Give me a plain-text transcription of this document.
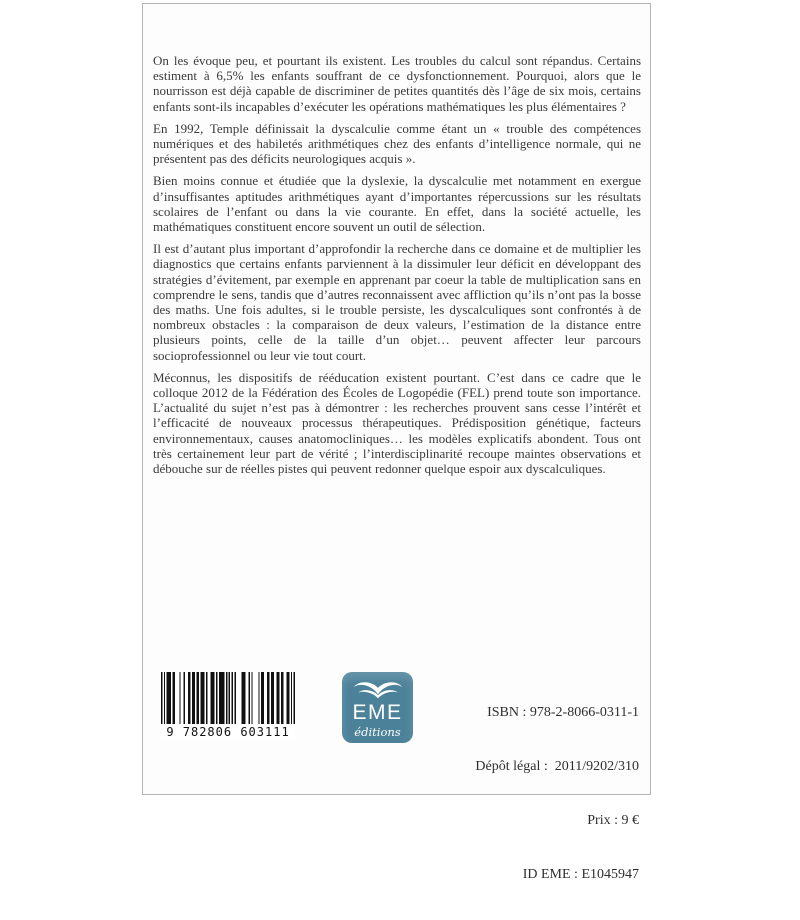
On les évoque peu, et pourtant ils existent. Les troubles du calcul sont répandus. Certains estiment à 6,5% les enfants souffrant de ce dysfonctionnement. Pourquoi, alors que le nourrisson est déjà capable de discriminer de petites quantités dès l’âge de six mois, certains enfants sont-ils incapables d’exécuter les opérations mathématiques les plus élémentaires ?

En 1992, Temple définissait la dyscalculie comme étant un « trouble des compétences numériques et des habiletés arithmétiques chez des enfants d’intelligence normale, qui ne présentent pas des déficits neurologiques acquis ».

Bien moins connue et étudiée que la dyslexie, la dyscalculie met notamment en exergue d’insuffisantes aptitudes arithmétiques ayant d’importantes répercussions sur les résultats scolaires de l’enfant ou dans la vie courante. En effet, dans la société actuelle, les mathématiques constituent encore souvent un outil de sélection.

Il est d’autant plus important d’approfondir la recherche dans ce domaine et de multiplier les diagnostics que certains enfants parviennent à la dissimuler leur déficit en développant des stratégies d’évitement, par exemple en apprenant par coeur la table de multiplication sans en comprendre le sens, tandis que d’autres reconnaissent avec affliction qu’ils n’ont pas la bosse des maths. Une fois adultes, si le trouble persiste, les dyscalculiques sont confrontés à de nombreux obstacles : la comparaison de deux valeurs, l’estimation de la distance entre plusieurs points, celle de la taille d’un objet… peuvent affecter leur parcours socioprofessionnel ou leur vie tout court.

Méconnus, les dispositifs de rééducation existent pourtant. C’est dans ce cadre que le colloque 2012 de la Fédération des Écoles de Logopédie (FEL) prend toute son importance. L’actualité du sujet n’est pas à démontrer : les recherches prouvent sans cesse l’intérêt et l’efficacité de nouveaux processus thérapeutiques. Prédisposition génétique, facteurs environnementaux, causes anatomocliniques… les modèles explicatifs abondent. Tous ont très certainement leur part de vérité ; l’interdisciplinarité recoupe maintes observations et débouche sur de réelles pistes qui peuvent redonner quelque espoir aux dyscalculiques.

9 782806 603111
EME
éditions

ISBN : 978-2-8066-0311-1

Dépôt légal :  2011/9202/310

Prix : 9 €

ID EME : E1045947
